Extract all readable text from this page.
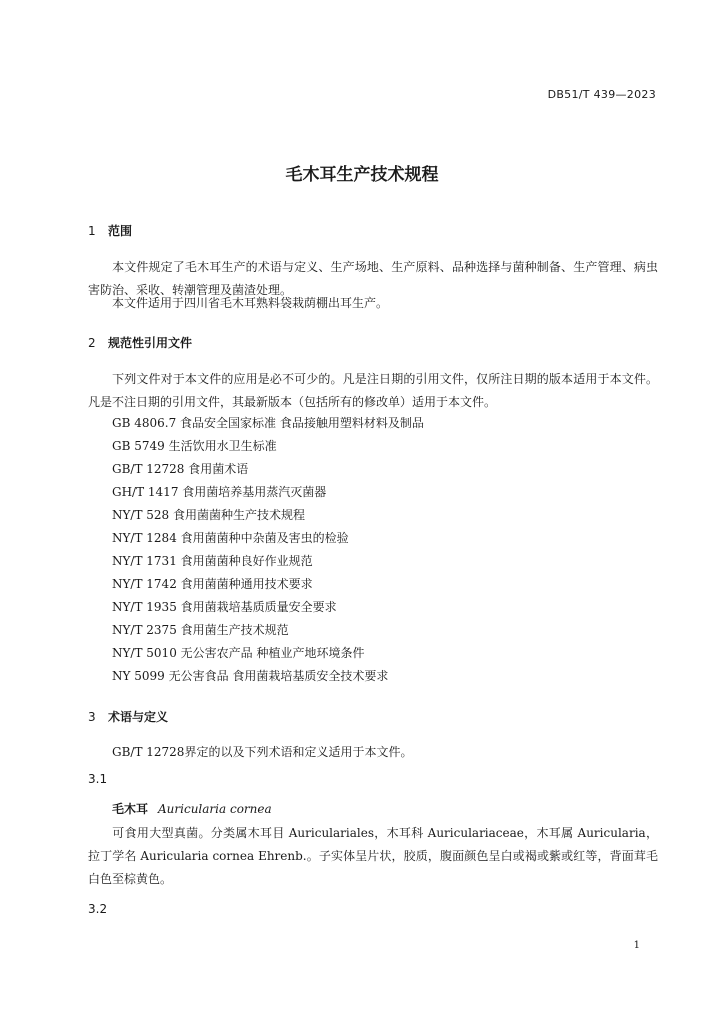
DB51/T 439—2023
毛木耳生产技术规程
1 范围
本文件规定了毛木耳生产的术语与定义、生产场地、生产原料、品种选择与菌种制备、生产管理、病虫害防治、采收、转潮管理及菌渣处理。
本文件适用于四川省毛木耳熟料袋栽荫棚出耳生产。
2 规范性引用文件
下列文件对于本文件的应用是必不可少的。凡是注日期的引用文件，仅所注日期的版本适用于本文件。凡是不注日期的引用文件，其最新版本（包括所有的修改单）适用于本文件。
GB 4806.7 食品安全国家标准 食品接触用塑料材料及制品
GB 5749 生活饮用水卫生标准
GB/T 12728 食用菌术语
GH/T 1417 食用菌培养基用蒸汽灭菌器
NY/T 528 食用菌菌种生产技术规程
NY/T 1284 食用菌菌种中杂菌及害虫的检验
NY/T 1731 食用菌菌种良好作业规范
NY/T 1742 食用菌菌种通用技术要求
NY/T 1935 食用菌栽培基质质量安全要求
NY/T 2375 食用菌生产技术规范
NY/T 5010 无公害农产品 种植业产地环境条件
NY 5099 无公害食品 食用菌栽培基质安全技术要求
3 术语与定义
GB/T 12728界定的以及下列术语和定义适用于本文件。
3.1
毛木耳 Auricularia cornea
可食用大型真菌。分类属木耳目 Auriculariales，木耳科 Auriculariaceae，木耳属 Auricularia，拉丁学名 Auricularia cornea Ehrenb.。子实体呈片状，胶质，腹面颜色呈白或褐或紫或红等，背面茸毛白色至棕黄色。
3.2
1
